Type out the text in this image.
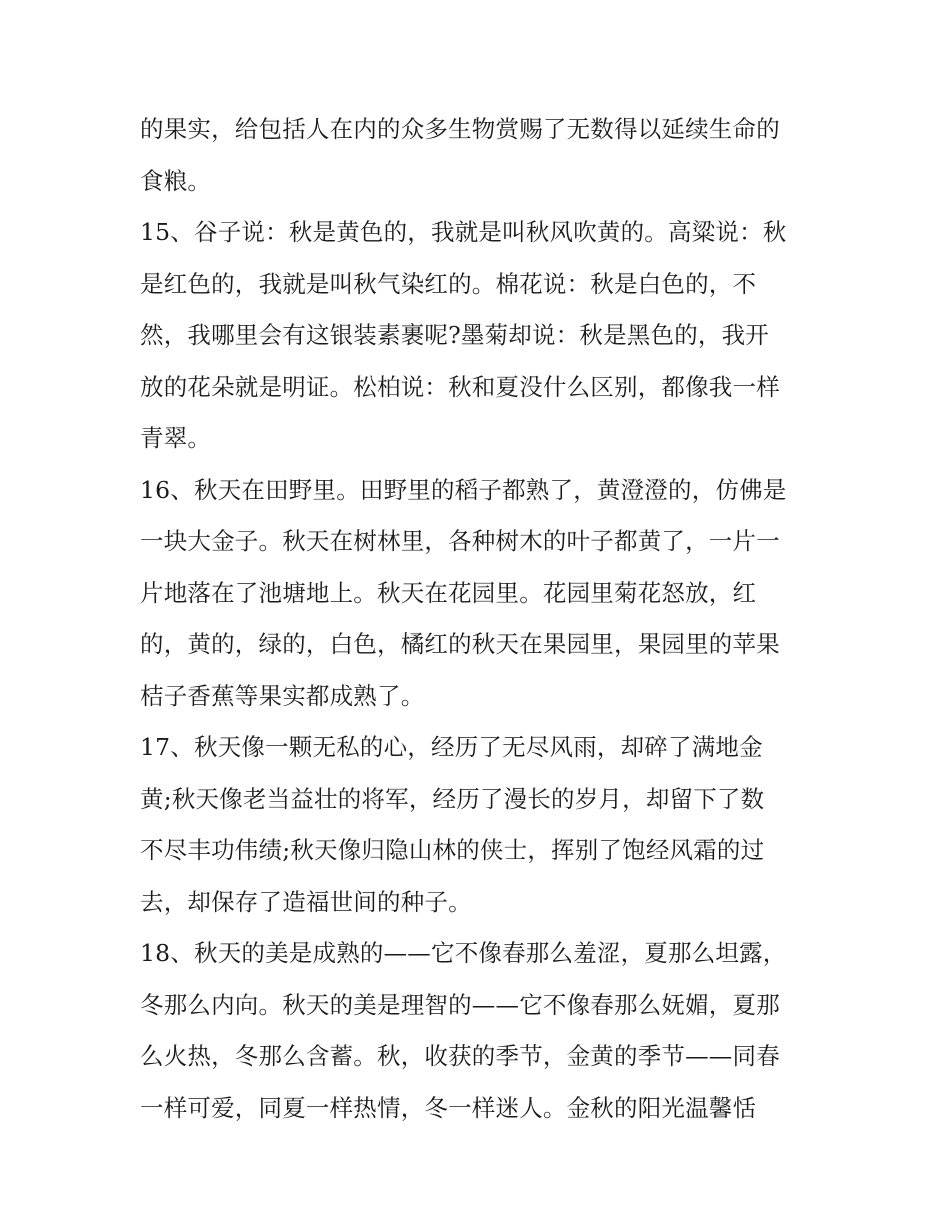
的果实，给包括人在内的众多生物赏赐了无数得以延续生命的
食粮。
15、谷子说：秋是黄色的，我就是叫秋风吹黄的。高粱说：秋
是红色的，我就是叫秋气染红的。棉花说：秋是白色的，不
然，我哪里会有这银装素裹呢?墨菊却说：秋是黑色的，我开
放的花朵就是明证。松柏说：秋和夏没什么区别，都像我一样
青翠。
16、秋天在田野里。田野里的稻子都熟了，黄澄澄的，仿佛是
一块大金子。秋天在树林里，各种树木的叶子都黄了，一片一
片地落在了池塘地上。秋天在花园里。花园里菊花怒放，红
的，黄的，绿的，白色，橘红的秋天在果园里，果园里的苹果
桔子香蕉等果实都成熟了。
17、秋天像一颗无私的心，经历了无尽风雨，却碎了满地金
黄;秋天像老当益壮的将军，经历了漫长的岁月，却留下了数
不尽丰功伟绩;秋天像归隐山林的侠士，挥别了饱经风霜的过
去，却保存了造福世间的种子。
18、秋天的美是成熟的——它不像春那么羞涩，夏那么坦露，
冬那么内向。秋天的美是理智的——它不像春那么妩媚，夏那
么火热，冬那么含蓄。秋，收获的季节，金黄的季节——同春
一样可爱，同夏一样热情，冬一样迷人。金秋的阳光温馨恬
